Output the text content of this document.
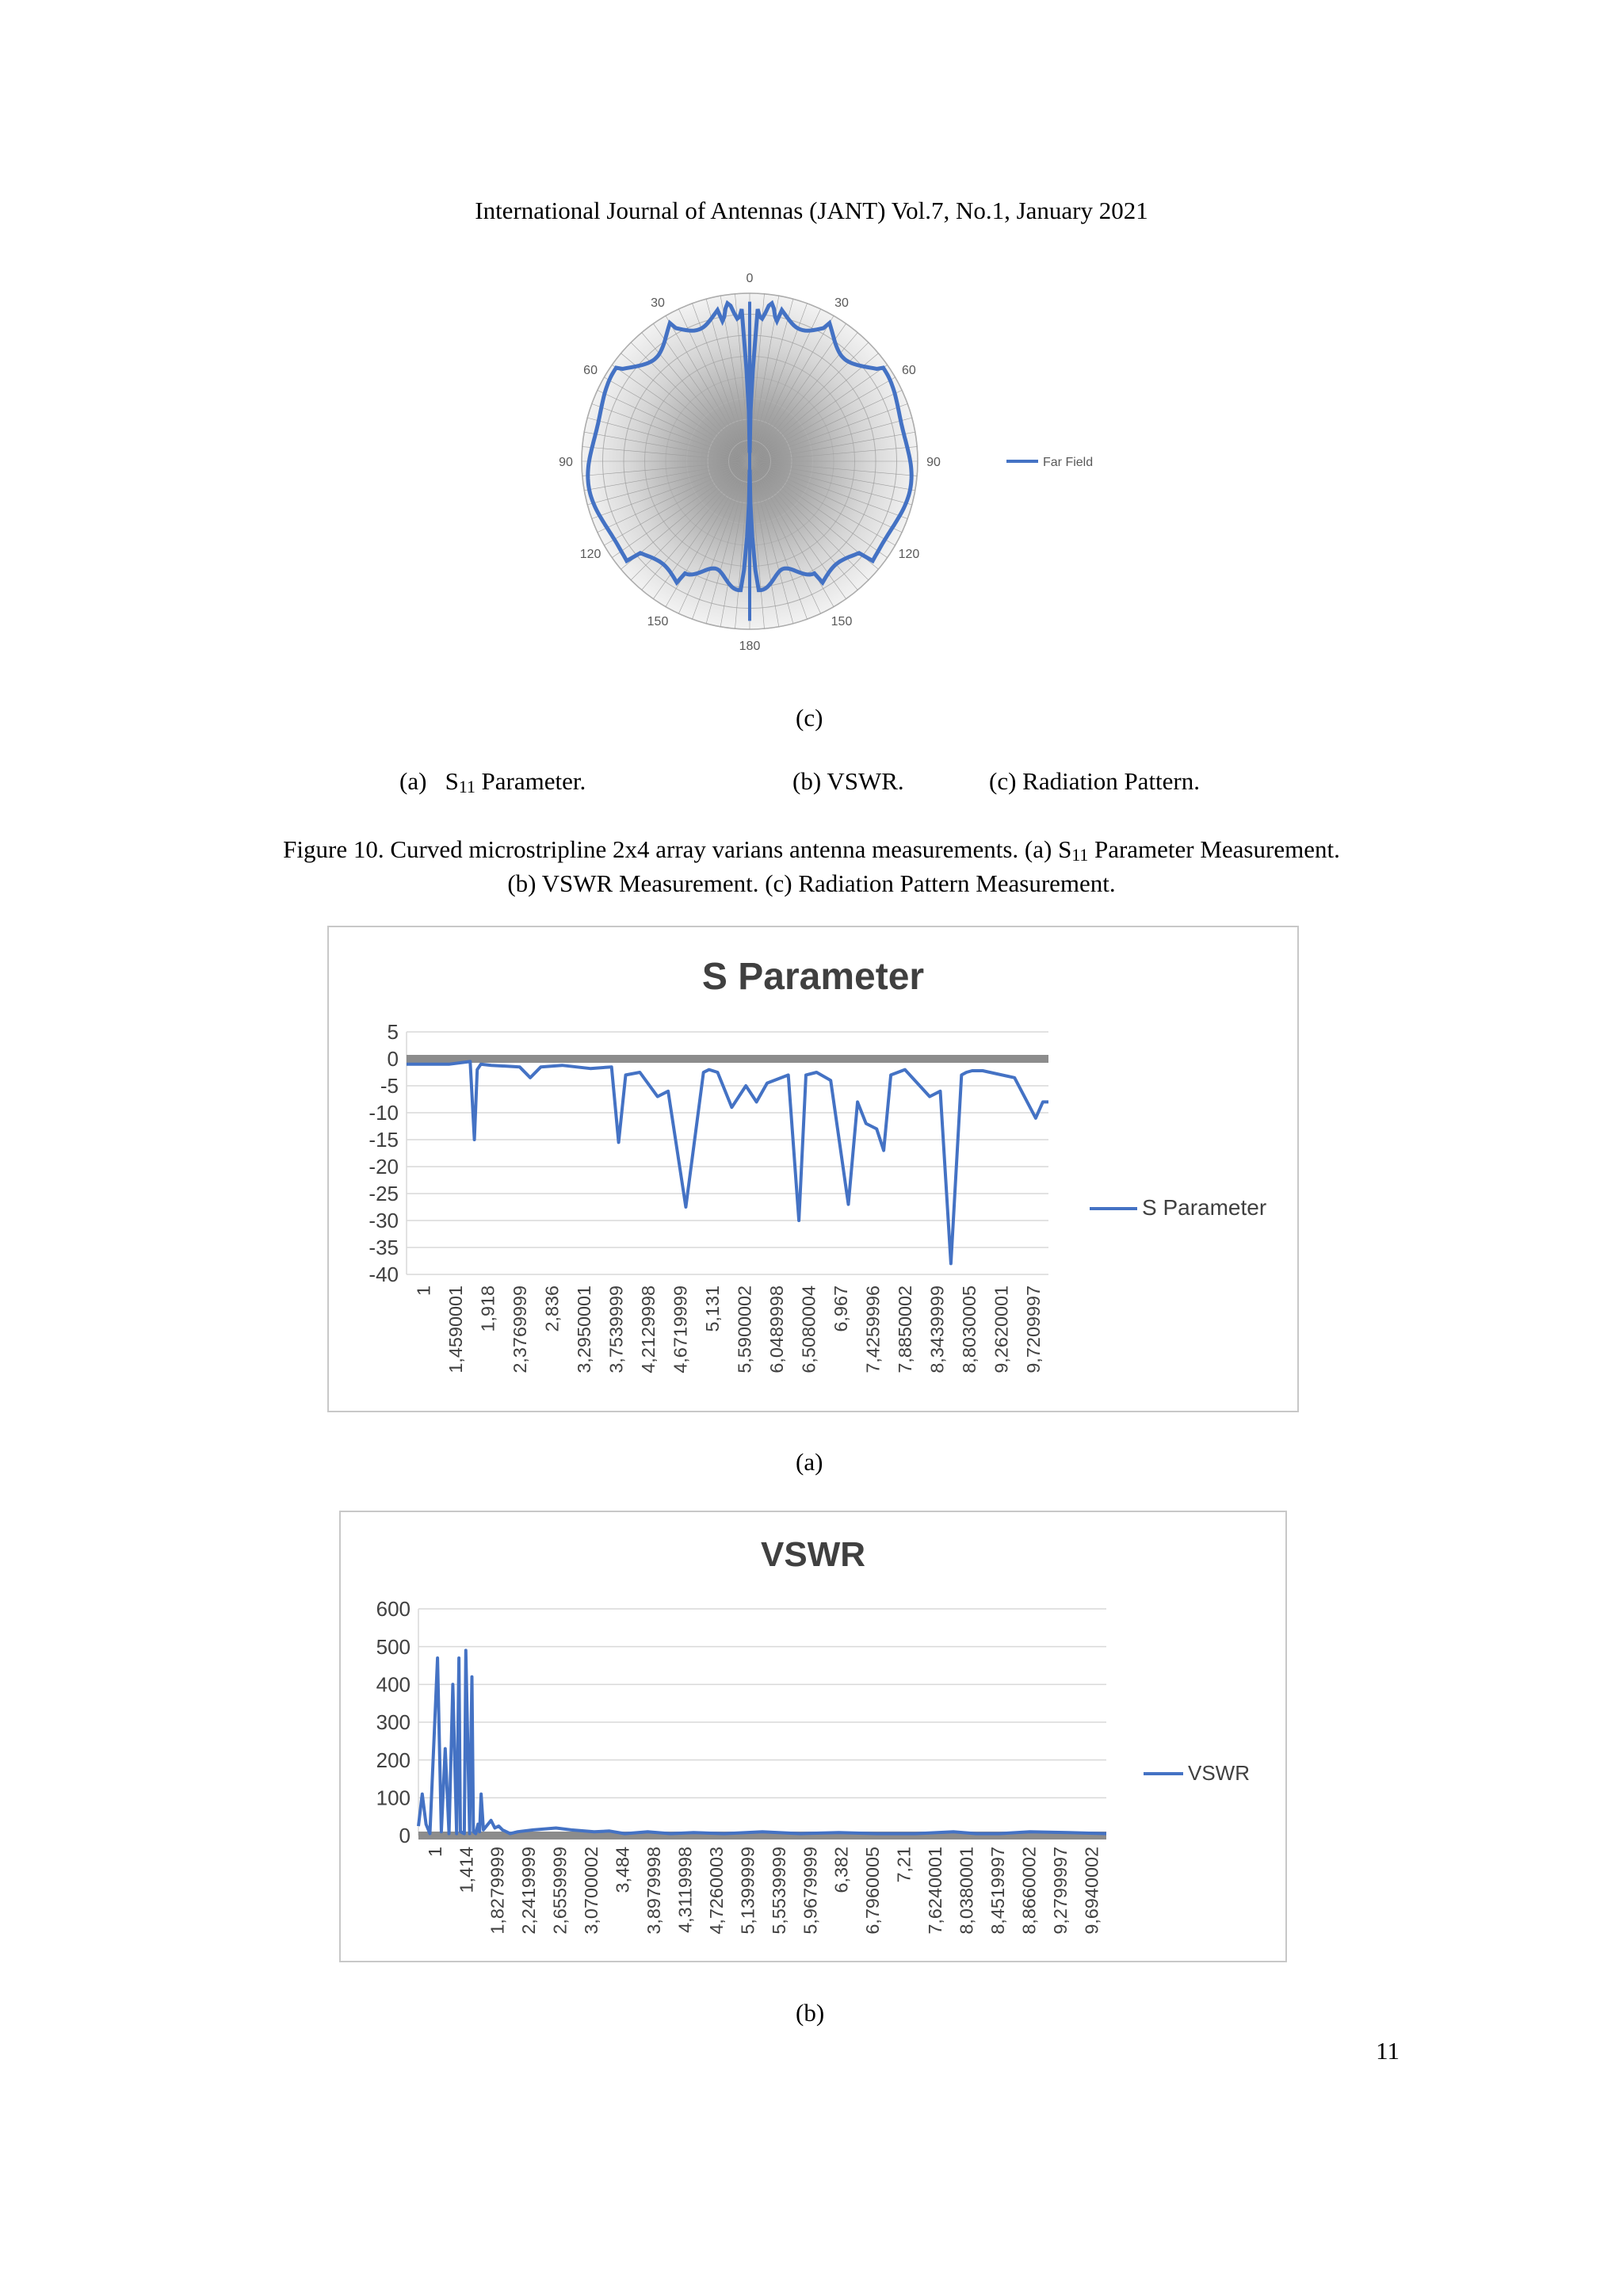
International Journal of Antennas (JANT) Vol.7, No.1, January 2021
0
30
60
90
120
150
180
150
120
90
60
30
Far Field
(c)
(a) S11 Parameter.	(b) VSWR.	(c) Radiation Pattern.
Figure 10. Curved microstripline 2x4 array varians antenna measurements. (a) S11 Parameter Measurement.
(b) VSWR Measurement. (c) Radiation Pattern Measurement.
S Parameter
5
0
-5
-10
-15
-20
-25
-30
-35
-40
1 1,4590001 1,918 2,3769999 2,836 3,2950001 3,7539999 4,2129998 4,6719999 5,131 5,5900002 6,0489998 6,5080004 6,967 7,4259996 7,8850002 8,3439999 8,8030005 9,2620001 9,7209997
S Parameter
(a)
VSWR
600
500
400
300
200
100
0
1 1,414 1,8279999 2,2419999 2,6559999 3,0700002 3,484 3,8979998 4,3119998 4,7260003 5,1399999 5,5539999 5,9679999 6,382 6,7960005 7,21 7,6240001 8,0380001 8,4519997 8,8660002 9,2799997 9,6940002
VSWR
(b)
11
